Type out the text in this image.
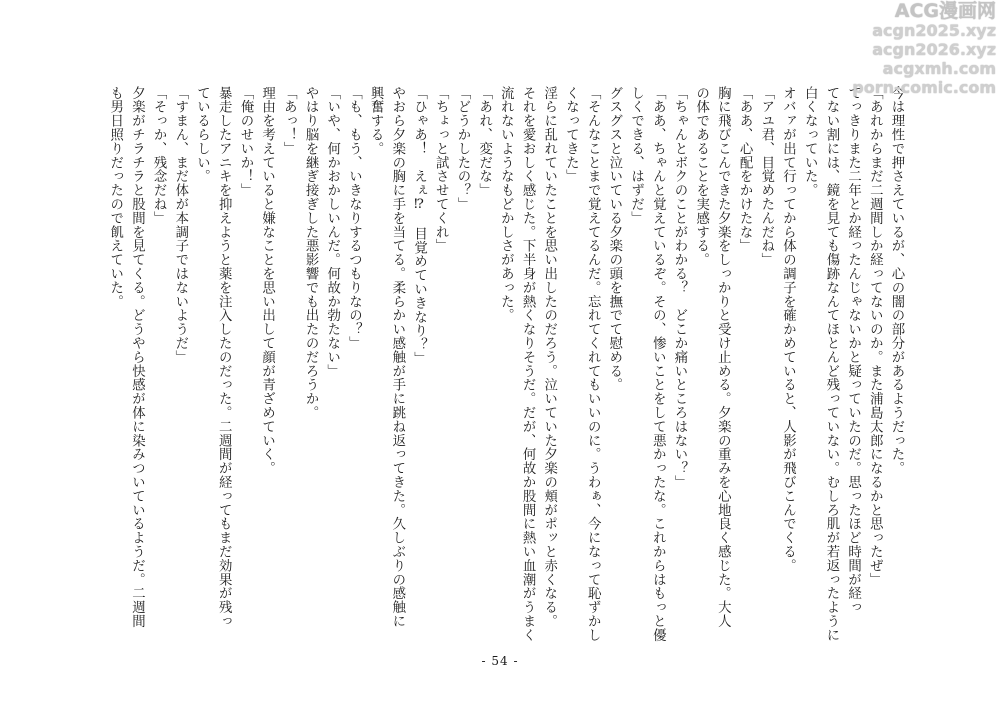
今は理性で押さえているが、心の闇の部分があるようだった。

「あれからまだ二週間しか経ってないのか。また浦島太郎になるかと思ったぜ」

てっきりまた二年とか経ったんじゃないかと疑っていたのだ。思ったほど時間が経っ

てない割には、鏡を見ても傷跡なんてほとんど残っていない。むしろ肌が若返ったように

白くなっていた。

オバァが出て行ってから体の調子を確かめていると、人影が飛びこんでくる。

「アユ君、目覚めたんだね」

「ああ、心配をかけたな」

胸に飛びこんできた夕楽をしっかりと受け止める。夕楽の重みを心地良く感じた。大人

の体であることを実感する。

「ちゃんとボクのことがわかる？　どこか痛いところはない？」

「ああ、ちゃんと覚えているぞ。その、惨いことをして悪かったな。これからはもっと優

しくできる、はずだ」

グスグスと泣いている夕楽の頭を撫でて慰める。

「そんなことまで覚えてるんだ。忘れてくれてもいいのに。うわぁ、今になって恥ずかし

くなってきた」

淫らに乱れていたことを思い出したのだろう。泣いていた夕楽の頬がポッと赤くなる。

それを愛おしく感じた。下半身が熱くなりそうだ。だが、何故か股間に熱い血潮がうまく

流れないようなもどかしさがあった。

「あれ、変だな」

「どうかしたの？」

「ちょっと試させてくれ」

「ひゃあ！　えぇ⁉　目覚めていきなり？」

やおら夕楽の胸に手を当てる。柔らかい感触が手に跳ね返ってきた。久しぶりの感触に

興奮する。

「も、もう、いきなりするつもりなの？」

「いや、何かおかしいんだ。何故か勃たない」

やはり脳を継ぎ接ぎした悪影響でも出たのだろうか。

「あっ！」

理由を考えていると嫌なことを思い出して顔が青ざめていく。

「俺のせいか！」

暴走したアニキを抑えようと薬を注入したのだった。二週間が経ってもまだ効果が残っ

ているらしい。

「すまん、まだ体が本調子ではないようだ」

「そっか、残念だね」

夕楽がチラチラと股間を見てくる。どうやら快感が体に染みついているようだ。二週間

も男日照りだったので飢えていた。

- 54 -
ACG漫画网
acgn2025.xyz
acgn2026.xyz
acgxmh.com
porn-comic.com
